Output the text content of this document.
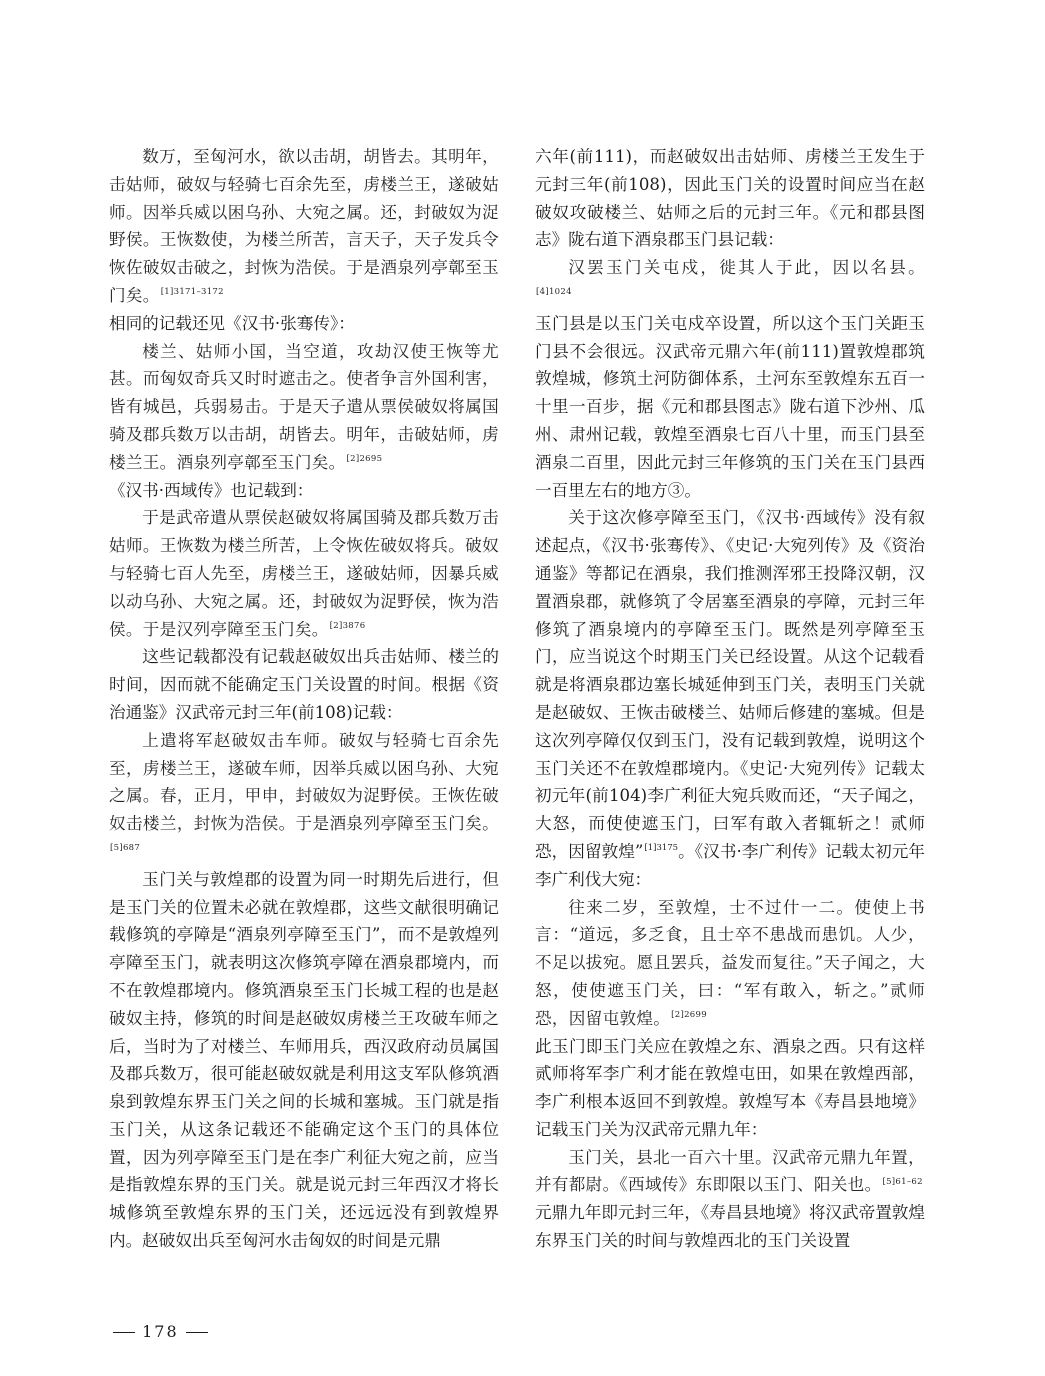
数万，至匈河水，欲以击胡，胡皆去。其明年，击姑师，破奴与轻骑七百余先至，虏楼兰王，遂破姑师。因举兵威以困乌孙、大宛之属。还，封破奴为浞野侯。王恢数使，为楼兰所苦，言天子，天子发兵令恢佐破奴击破之，封恢为浩侯。于是酒泉列亭鄣至玉门矣。$^{[1]3171-3172}$

相同的记载还见《汉书·张骞传》：

楼兰、姑师小国，当空道，攻劫汉使王恢等尤甚。而匈奴奇兵又时时遮击之。使者争言外国利害，皆有城邑，兵弱易击。于是天子遣从票侯破奴将属国骑及郡兵数万以击胡，胡皆去。明年，击破姑师，虏楼兰王。酒泉列亭鄣至玉门矣。$^{[2]2695}$

《汉书·西域传》也记载到：

于是武帝遣从票侯赵破奴将属国骑及郡兵数万击姑师。王恢数为楼兰所苦，上令恢佐破奴将兵。破奴与轻骑七百人先至，虏楼兰王，遂破姑师，因暴兵威以动乌孙、大宛之属。还，封破奴为浞野侯，恢为浩侯。于是汉列亭障至玉门矣。$^{[2]3876}$

这些记载都没有记载赵破奴出兵击姑师、楼兰的时间，因而就不能确定玉门关设置的时间。根据《资治通鉴》汉武帝元封三年(前108)记载：

上遣将军赵破奴击车师。破奴与轻骑七百余先至，虏楼兰王，遂破车师，因举兵威以困乌孙、大宛之属。春，正月，甲申，封破奴为浞野侯。王恢佐破奴击楼兰，封恢为浩侯。于是酒泉列亭障至玉门矣。$^{[5]687}$

玉门关与敦煌郡的设置为同一时期先后进行，但是玉门关的位置未必就在敦煌郡，这些文献很明确记载修筑的亭障是“酒泉列亭障至玉门”，而不是敦煌列亭障至玉门，就表明这次修筑亭障在酒泉郡境内，而不在敦煌郡境内。修筑酒泉至玉门长城工程的也是赵破奴主持，修筑的时间是赵破奴虏楼兰王攻破车师之后，当时为了对楼兰、车师用兵，西汉政府动员属国及郡兵数万，很可能赵破奴就是利用这支军队修筑酒泉到敦煌东界玉门关之间的长城和塞城。玉门就是指玉门关，从这条记载还不能确定这个玉门的具体位置，因为列亭障至玉门是在李广利征大宛之前，应当是指敦煌东界的玉门关。就是说元封三年西汉才将长城修筑至敦煌东界的玉门关，还远远没有到敦煌界内。赵破奴出兵至匈河水击匈奴的时间是元鼎

六年(前111)，而赵破奴出击姑师、虏楼兰王发生于元封三年(前108)，因此玉门关的设置时间应当在赵破奴攻破楼兰、姑师之后的元封三年。《元和郡县图志》陇右道下酒泉郡玉门县记载：

汉罢玉门关屯戍，徙其人于此，因以名县。$^{[4]1024}$

玉门县是以玉门关屯戍卒设置，所以这个玉门关距玉门县不会很远。汉武帝元鼎六年(前111)置敦煌郡筑敦煌城，修筑土河防御体系，土河东至敦煌东五百一十里一百步，据《元和郡县图志》陇右道下沙州、瓜州、肃州记载，敦煌至酒泉七百八十里，而玉门县至酒泉二百里，因此元封三年修筑的玉门关在玉门县西一百里左右的地方③。

关于这次修亭障至玉门，《汉书·西域传》没有叙述起点，《汉书·张骞传》、《史记·大宛列传》及《资治通鉴》等都记在酒泉，我们推测浑邪王投降汉朝，汉置酒泉郡，就修筑了令居塞至酒泉的亭障，元封三年修筑了酒泉境内的亭障至玉门。既然是列亭障至玉门，应当说这个时期玉门关已经设置。从这个记载看就是将酒泉郡边塞长城延伸到玉门关，表明玉门关就是赵破奴、王恢击破楼兰、姑师后修建的塞城。但是这次列亭障仅仅到玉门，没有记载到敦煌，说明这个玉门关还不在敦煌郡境内。《史记·大宛列传》记载太初元年(前104)李广利征大宛兵败而还，“天子闻之，大怒，而使使遮玉门，曰军有敢入者辄斩之！贰师恐，因留敦煌”$^{[1]3175}$。《汉书·李广利传》记载太初元年李广利伐大宛：

往来二岁，至敦煌，士不过什一二。使使上书言：“道远，多乏食，且士卒不患战而患饥。人少，不足以拔宛。愿且罢兵，益发而复往。”天子闻之，大怒，使使遮玉门关，曰：“军有敢入，斩之。”贰师恐，因留屯敦煌。$^{[2]2699}$

此玉门即玉门关应在敦煌之东、酒泉之西。只有这样贰师将军李广利才能在敦煌屯田，如果在敦煌西部，李广利根本返回不到敦煌。敦煌写本《寿昌县地境》记载玉门关为汉武帝元鼎九年：

玉门关，县北一百六十里。汉武帝元鼎九年置，并有都尉。《西域传》东即限以玉门、阳关也。$^{[5]61-62}$

元鼎九年即元封三年，《寿昌县地境》将汉武帝置敦煌东界玉门关的时间与敦煌西北的玉门关设置

178
